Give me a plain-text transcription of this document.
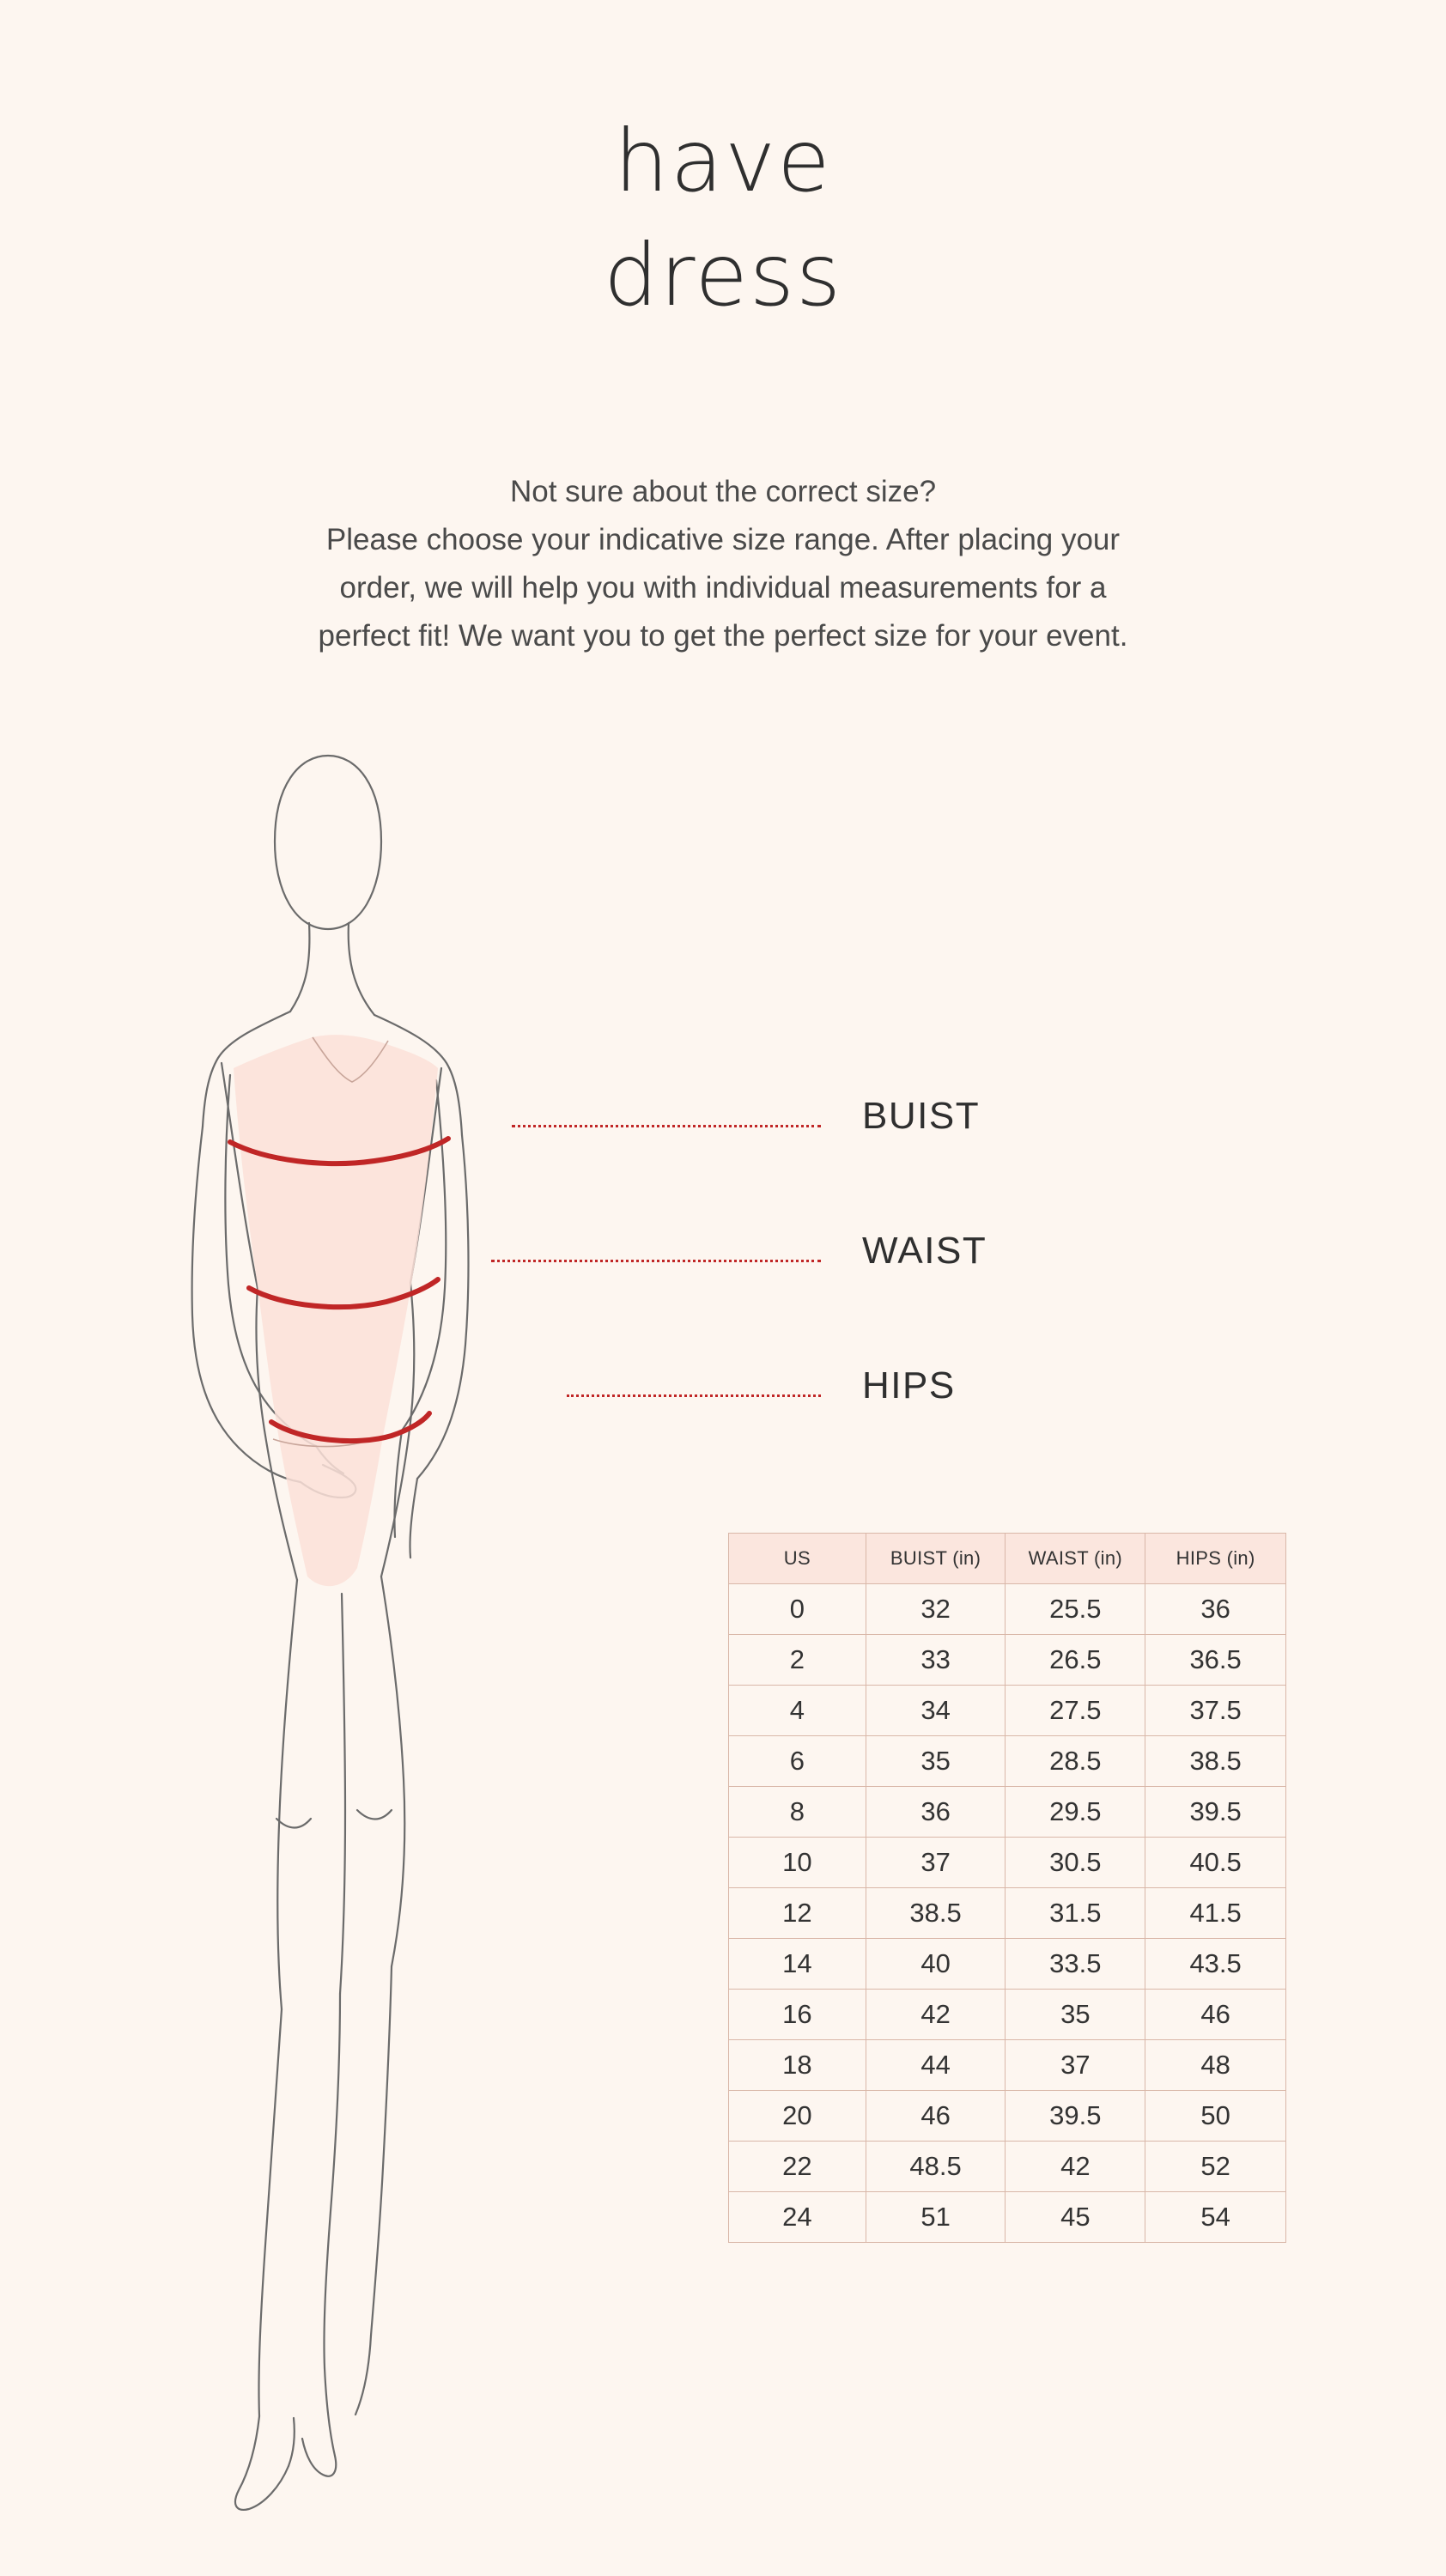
have
dress
Not sure about the correct size?
Please choose your indicative size range. After placing your
order, we will help you with individual measurements for a
perfect fit! We want you to get the perfect size for your event.
BUIST
WAIST
HIPS
US	BUIST (in)	WAIST (in)	HIPS (in)
0	32	25.5	36
2	33	26.5	36.5
4	34	27.5	37.5
6	35	28.5	38.5
8	36	29.5	39.5
10	37	30.5	40.5
12	38.5	31.5	41.5
14	40	33.5	43.5
16	42	35	46
18	44	37	48
20	46	39.5	50
22	48.5	42	52
24	51	45	54
